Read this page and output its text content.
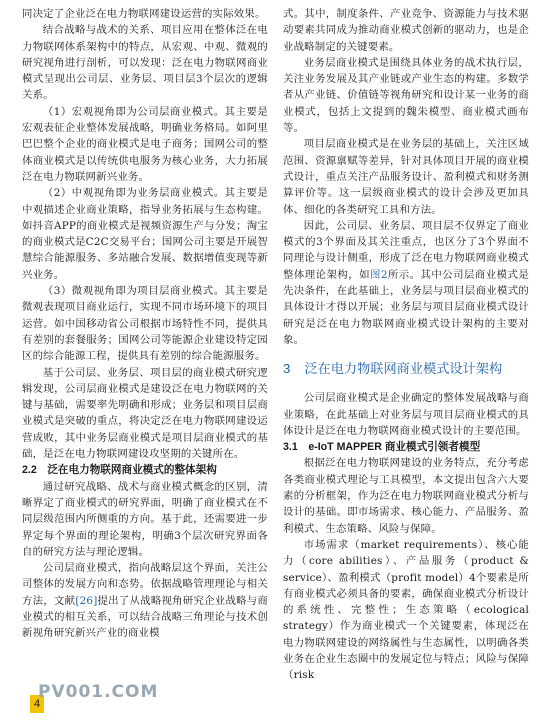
同决定了企业泛在电力物联网建设运营的实际效果。

结合战略与战术的关系、项目应用在整体泛在电力物联网体系架构中的特点，从宏观、中观、微观的研究视角进行剖析，可以发现：泛在电力物联网商业模式呈现出公司层、业务层、项目层3个层次的逻辑关系。

（1）宏观视角即为公司层商业模式。其主要是宏观表征企业整体发展战略，明确业务格局。如阿里巴巴整个企业的商业模式是电子商务；国网公司的整体商业模式是以传统供电服务为核心业务，大力拓展泛在电力物联网新兴业务。

（2）中观视角即为业务层商业模式。其主要是中观描述企业商业策略，指导业务拓展与生态构建。如抖音APP的商业模式是视频资源生产与分发；淘宝的商业模式是C2C交易平台；国网公司主要是开展智慧综合能源服务、多站融合发展、数据增值变现等新兴业务。

（3）微观视角即为项目层商业模式。其主要是微观表现项目商业运行，实现不同市场环境下的项目运营。如中国移动省公司根据市场特性不同，提供具有差别的套餐服务；国网公司等能源企业建设特定园区的综合能源工程，提供具有差别的综合能源服务。

基于公司层、业务层、项目层的商业模式研究逻辑发现，公司层商业模式是建设泛在电力物联网的关键与基础，需要率先明确和形成；业务层和项目层商业模式是突破的重点，将决定泛在电力物联网建设运营成败，其中业务层商业模式是项目层商业模式的基础，是泛在电力物联网建设攻坚期的关键所在。

2.2　泛在电力物联网商业模式的整体架构

通过研究战略、战术与商业模式概念的区别，清晰界定了商业模式的研究界面，明确了商业模式在不同层级范围内所侧重的方向。基于此，还需要进一步界定每个界面的理论架构，明确3个层次研究界面各自的研究方法与理论逻辑。

公司层商业模式，指向战略层这个界面，关注公司整体的发展方向和态势。依据战略管理理论与相关方法，文献[26]提出了从战略视角研究企业战略与商业模式的相互关系，可以结合战略三角理论与技术创新视角研究新兴产业的商业模

式。其中，制度条件、产业竞争、资源能力与技术驱动要素共同成为推动商业模式创新的驱动力，也是企业战略制定的关键要素。

业务层商业模式是围绕具体业务的战术执行层，关注业务发展及其产业链或产业生态的构建。多数学者从产业链、价值链等视角研究和设计某一业务的商业模式，包括上文提到的魏朱模型、商业模式画布等。

项目层商业模式是在业务层的基础上，关注区域范围、资源禀赋等差异，针对具体项目开展的商业模式设计，重点关注产品服务设计、盈利模式和财务测算评价等。这一层级商业模式的设计会涉及更加具体、细化的各类研究工具和方法。

因此，公司层、业务层、项目层不仅界定了商业模式的3个界面及其关注重点，也区分了3个界面不同理论与设计侧重，形成了泛在电力物联网商业模式整体理论架构，如图2所示。其中公司层商业模式是先决条件，在此基础上，业务层与项目层商业模式的具体设计才得以开展；业务层与项目层商业模式设计研究是泛在电力物联网商业模式设计架构的主要对象。

3 泛在电力物联网商业模式设计架构

公司层商业模式是企业确定的整体发展战略与商业策略，在此基础上对业务层与项目层商业模式的具体设计是泛在电力物联网商业模式设计的主要范围。

3.1　e-IoT MAPPER 商业模式引领者模型

根据泛在电力物联网建设的业务特点，充分考虑各类商业模式理论与工具模型，本文提出包含六大要素的分析框架，作为泛在电力物联网商业模式分析与设计的基础。即市场需求、核心能力、产品服务、盈利模式、生态策略、风险与保障。

市场需求（market requirements）、核心能力（core abilities）、产品服务（product & service）、盈利模式（profit model）4个要素是所有商业模式必须具备的要素，确保商业模式分析设计的系统性、完整性；生态策略（ecological strategy）作为商业模式一个关键要素，体现泛在电力物联网建设的网络属性与生态属性，以明确各类业务在企业生态圈中的发展定位与特点；风险与保障（risk

4
PV001.COM
